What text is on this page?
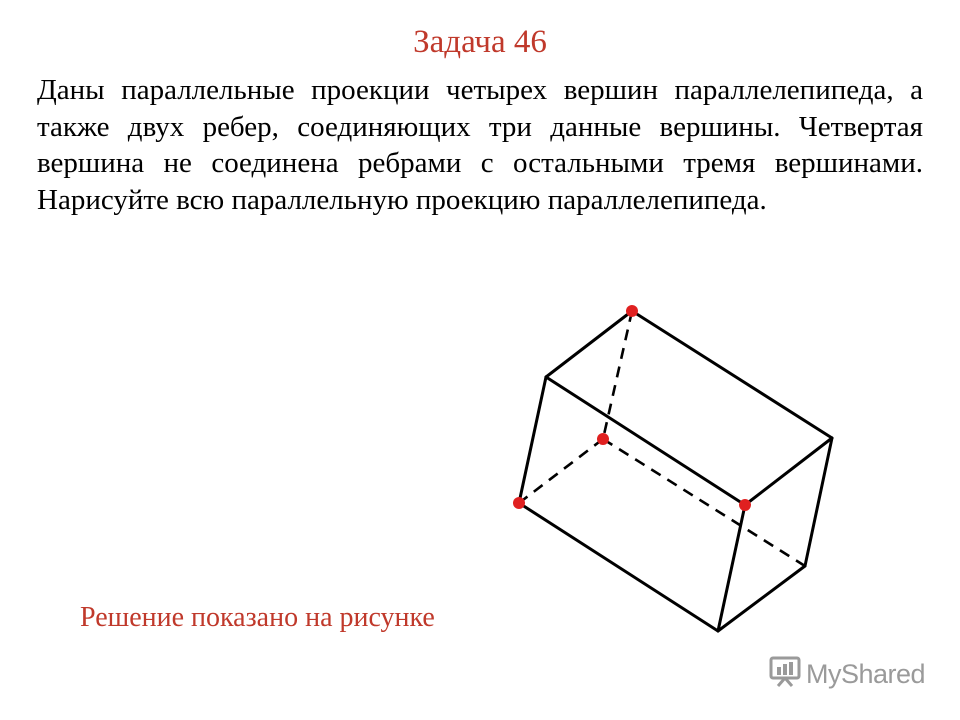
Задача 46
Даны параллельные проекции четырех вершин параллелепипеда, а также двух ребер, соединяющих три данные вершины. Четвертая вершина не соединена ребрами с остальными тремя вершинами. Нарисуйте всю параллельную проекцию параллелепипеда.
Решение показано на рисунке
MyShared
